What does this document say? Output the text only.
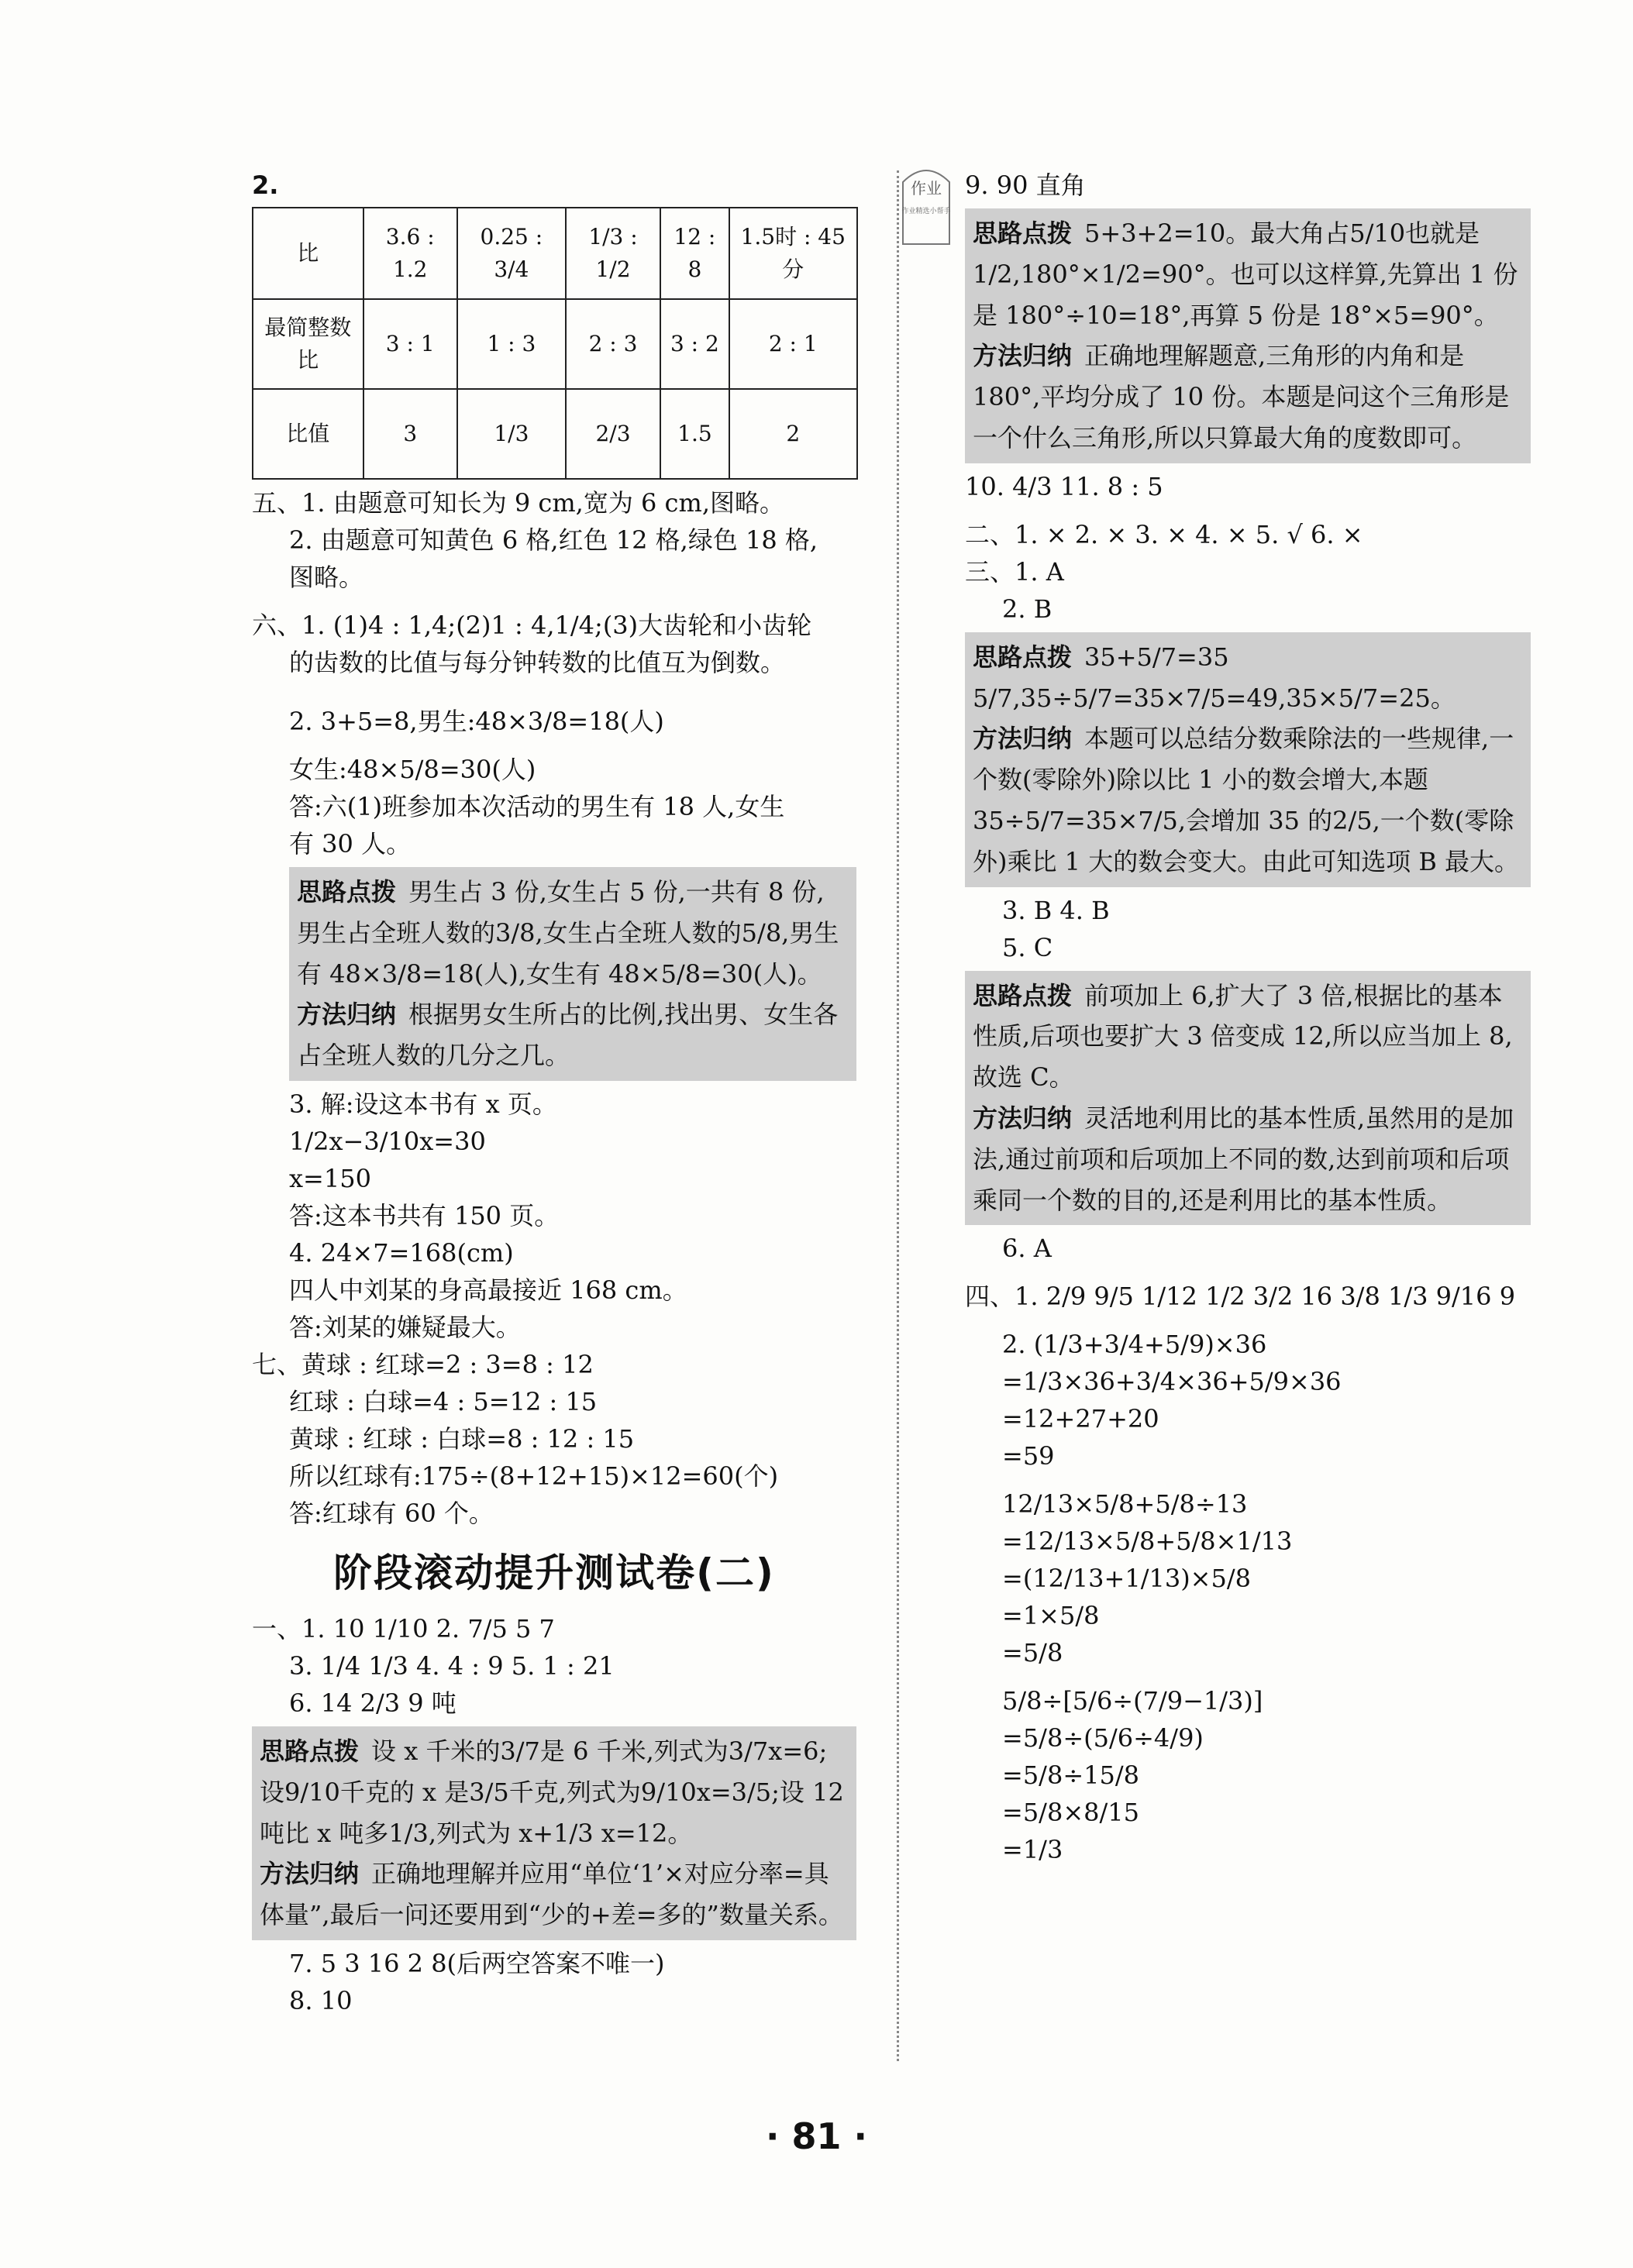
作业
作业精选小帮手
2.
比	3.6 : 1.2	0.25 : 3/4	1/3 : 1/2	12 : 8	1.5时 : 45分
最简整数比	3 : 1	1 : 3	2 : 3	3 : 2	2 : 1
比值	3	1/3	2/3	1.5	2
五、1. 由题意可知长为 9 cm,宽为 6 cm,图略。
2. 由题意可知黄色 6 格,红色 12 格,绿色 18 格,
图略。
六、1. (1)4 : 1,4;(2)1 : 4,1/4;(3)大齿轮和小齿轮
的齿数的比值与每分钟转数的比值互为倒数。
2. 3+5=8,男生:48×3/8=18(人)
女生:48×5/8=30(人)
答:六(1)班参加本次活动的男生有 18 人,女生
有 30 人。
思路点拨 男生占 3 份,女生占 5 份,一共有 8 份,男生占全班人数的3/8,女生占全班人数的5/8,男生有 48×3/8=18(人),女生有 48×5/8=30(人)。
方法归纳 根据男女生所占的比例,找出男、女生各占全班人数的几分之几。
3. 解:设这本书有 x 页。
1/2x−3/10x=30
x=150
答:这本书共有 150 页。
4. 24×7=168(cm)
四人中刘某的身高最接近 168 cm。
答:刘某的嫌疑最大。
七、黄球 : 红球=2 : 3=8 : 12
红球 : 白球=4 : 5=12 : 15
黄球 : 红球 : 白球=8 : 12 : 15
所以红球有:175÷(8+12+15)×12=60(个)
答:红球有 60 个。
阶段滚动提升测试卷(二)
一、1. 10 1/10 2. 7/5 5 7
3. 1/4 1/3 4. 4 : 9 5. 1 : 21
6. 14 2/3 9 吨
思路点拨 设 x 千米的3/7是 6 千米,列式为3/7x=6;设9/10千克的 x 是3/5千克,列式为9/10x=3/5;设 12 吨比 x 吨多1/3,列式为 x+1/3 x=12。
方法归纳 正确地理解并应用“单位‘1’×对应分率=具体量”,最后一问还要用到“少的+差=多的”数量关系。
7. 5 3 16 2 8(后两空答案不唯一)
8. 10
9. 90 直角
思路点拨 5+3+2=10。最大角占5/10也就是1/2,180°×1/2=90°。也可以这样算,先算出 1 份是 180°÷10=18°,再算 5 份是 18°×5=90°。
方法归纳 正确地理解题意,三角形的内角和是 180°,平均分成了 10 份。本题是问这个三角形是一个什么三角形,所以只算最大角的度数即可。
10. 4/3 11. 8 : 5
二、1. × 2. × 3. × 4. × 5. √ 6. ×
三、1. A
2. B
思路点拨 35+5/7=35 5/7,35÷5/7=35×7/5=49,35×5/7=25。
方法归纳 本题可以总结分数乘除法的一些规律,一个数(零除外)除以比 1 小的数会增大,本题 35÷5/7=35×7/5,会增加 35 的2/5,一个数(零除外)乘比 1 大的数会变大。由此可知选项 B 最大。
3. B 4. B
5. C
思路点拨 前项加上 6,扩大了 3 倍,根据比的基本性质,后项也要扩大 3 倍变成 12,所以应当加上 8,故选 C。
方法归纳 灵活地利用比的基本性质,虽然用的是加法,通过前项和后项加上不同的数,达到前项和后项乘同一个数的目的,还是利用比的基本性质。
6. A
四、1. 2/9 9/5 1/12 1/2 3/2 16 3/8 1/3 9/16 9
2. (1/3+3/4+5/9)×36
=1/3×36+3/4×36+5/9×36
=12+27+20
=59
12/13×5/8+5/8÷13
=12/13×5/8+5/8×1/13
=(12/13+1/13)×5/8
=1×5/8
=5/8
5/8÷[5/6÷(7/9−1/3)]
=5/8÷(5/6÷4/9)
=5/8÷15/8
=5/8×8/15
=1/3
· 81 ·
